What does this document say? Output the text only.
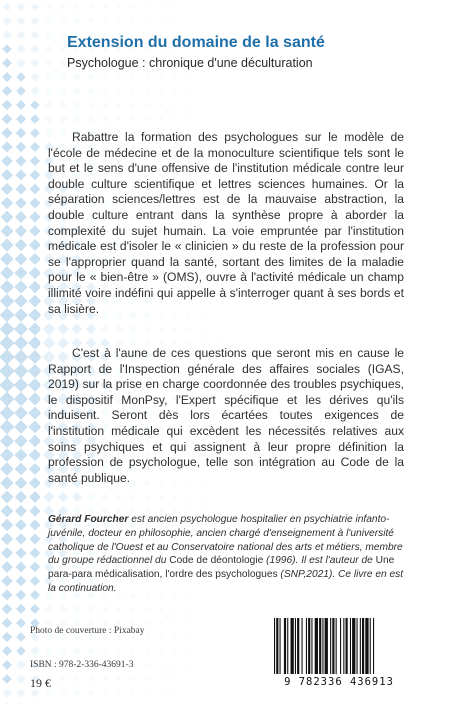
Extension du domaine de la santé
Psychologue : chronique d'une déculturation

Rabattre la formation des psychologues sur le modèle de l'école de médecine et de la monoculture scientifique tels sont le but et le sens d'une offensive de l'institution médicale contre leur double culture scientifique et lettres sciences humaines. Or la séparation sciences/lettres est de la mauvaise abstraction, la double culture entrant dans la synthèse propre à aborder la complexité du sujet humain. La voie empruntée par l'institution médicale est d'isoler le « clinicien » du reste de la profession pour se l'approprier quand la santé, sortant des limites de la maladie pour le « bien-être » (OMS), ouvre à l'activité médicale un champ illimité voire indéfini qui appelle à s'interroger quant à ses bords et sa lisière.

C'est à l'aune de ces questions que seront mis en cause le Rapport de l'Inspection générale des affaires sociales (IGAS, 2019) sur la prise en charge coordonnée des troubles psychiques, le dispositif MonPsy, l'Expert spécifique et les dérives qu'ils induisent. Seront dès lors écartées toutes exigences de l'institution médicale qui excèdent les nécessités relatives aux soins psychiques et qui assignent à leur propre définition la profession de psychologue, telle son intégration au Code de la santé publique.

Gérard Fourcher est ancien psychologue hospitalier en psychiatrie infanto-juvénile, docteur en philosophie, ancien chargé d'enseignement à l'université catholique de l'Ouest et au Conservatoire national des arts et métiers, membre du groupe rédactionnel du Code de déontologie (1996). Il est l'auteur de Une para-para médicalisation, l'ordre des psychologues (SNP,2021). Ce livre en est la continuation.

Photo de couverture : Pixabay
ISBN : 978-2-336-43691-3
19 €	9 782336 436913
